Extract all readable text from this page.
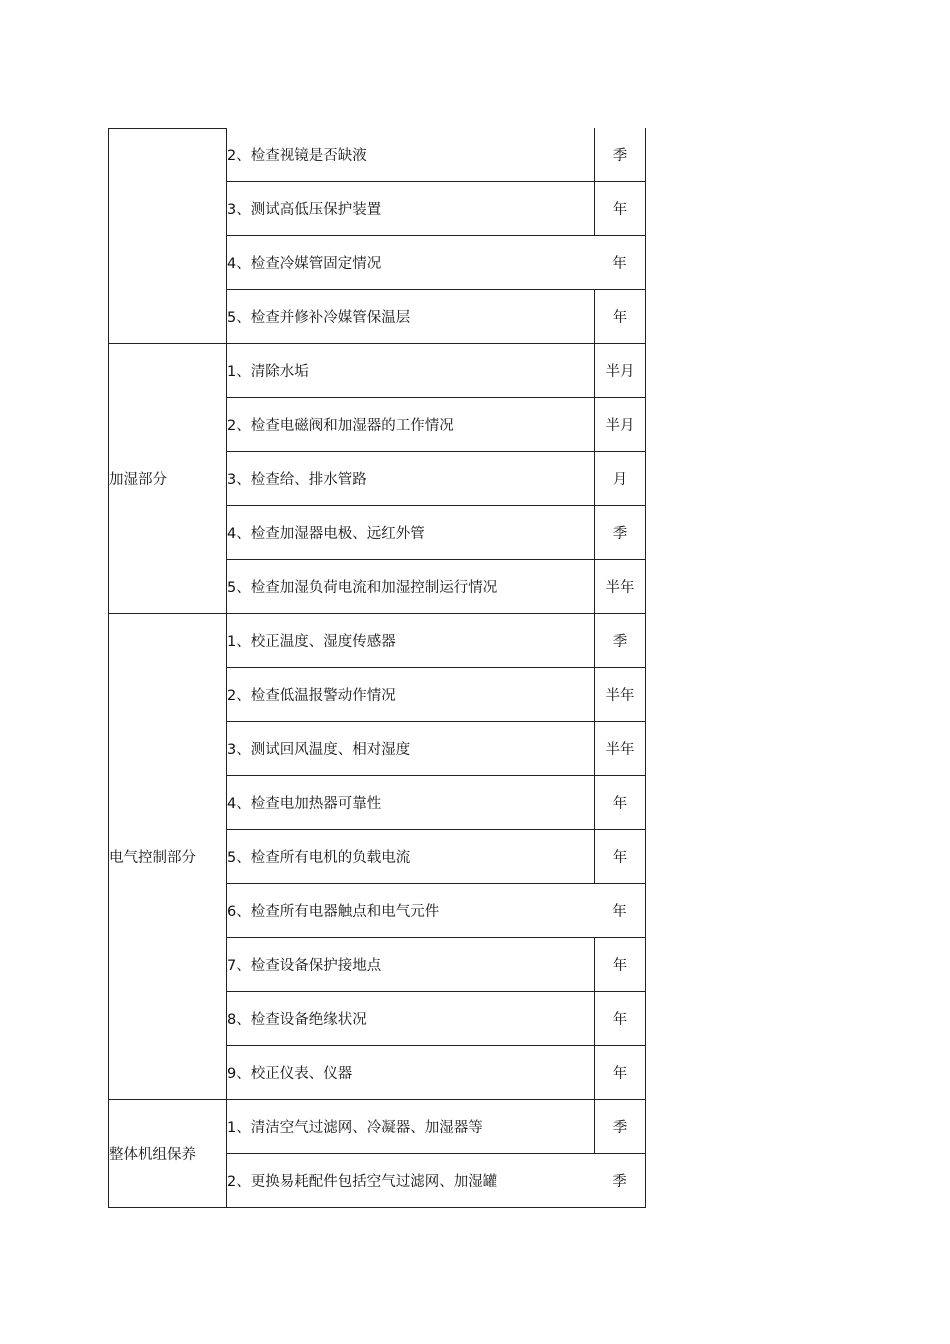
2、检查视镜是否缺液	季
3、测试高低压保护装置	年
4、检查冷媒管固定情况	年
5、检查并修补冷媒管保温层	年
加湿部分
1、清除水垢	半月
2、检查电磁阀和加湿器的工作情况	半月
3、检查给、排水管路	月
4、检查加湿器电极、远红外管	季
5、检查加湿负荷电流和加湿控制运行情况	半年
电气控制部分
1、校正温度、湿度传感器	季
2、检查低温报警动作情况	半年
3、测试回风温度、相对湿度	半年
4、检查电加热器可靠性	年
5、检查所有电机的负载电流	年
6、检查所有电器触点和电气元件	年
7、检查设备保护接地点	年
8、检查设备绝缘状况	年
9、校正仪表、仪器	年
整体机组保养
1、清洁空气过滤网、冷凝器、加湿器等	季
2、更换易耗配件包括空气过滤网、加湿罐	季
